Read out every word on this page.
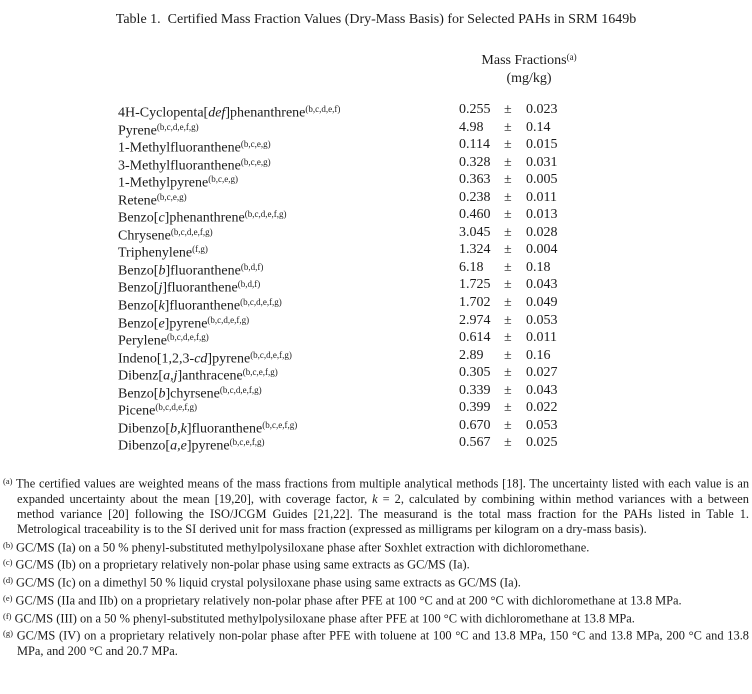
Table 1.  Certified Mass Fraction Values (Dry-Mass Basis) for Selected PAHs in SRM 1649b
Mass Fractions$^{(a)}$
(mg/kg)
4H-Cyclopenta[def]phenanthrene$^{(b,c,d,e,f)}$	0.255 ±	0.023
Pyrene$^{(b,c,d,e,f,g)}$	4.98	±	0.14
1-Methylfluoranthene$^{(b,c,e,g)}$	0.114	±	0.015
3-Methylfluoranthene$^{(b,c,e,g)}$	0.328 ±	0.031
1-Methylpyrene$^{(b,c,e,g)}$	0.363 ±	0.005
Retene$^{(b,c,e,g)}$	0.238 ±	0.011
Benzo[c]phenanthrene$^{(b,c,d,e,f,g)}$	0.460 ±	0.013
Chrysene$^{(b,c,d,e,f,g)}$	3.045 ±	0.028
Triphenylene$^{(f,g)}$	1.324 ±	0.004
Benzo[b]fluoranthene$^{(b,d,f)}$	6.18	±	0.18
Benzo[j]fluoranthene$^{(b,d,f)}$	1.725 ±	0.043
Benzo[k]fluoranthene$^{(b,c,d,e,f,g)}$	1.702 ±	0.049
Benzo[e]pyrene$^{(b,c,d,e,f,g)}$	2.974 ±	0.053
Perylene$^{(b,c,d,e,f,g)}$	0.614 ±	0.011
Indeno[1,2,3-cd]pyrene$^{(b,c,d,e,f,g)}$	2.89	±	0.16
Dibenz[a,j]anthracene$^{(b,c,e,f,g)}$	0.305 ±	0.027
Benzo[b]chyrsene$^{(b,c,d,e,f,g)}$	0.339 ±	0.043
Picene$^{(b,c,d,e,f,g)}$	0.399 ±	0.022
Dibenzo[b,k]fluoranthene$^{(b,c,e,f,g)}$	0.670 ±	0.053
Dibenzo[a,e]pyrene$^{(b,c,e,f,g)}$	0.567 ±	0.025
$^{(a)}$ The certified values are weighted means of the mass fractions from multiple analytical methods [18]. The uncertainty listed with each value is an expanded uncertainty about the mean [19,20], with coverage factor, k = 2, calculated by combining within method variances with a between method variance [20] following the ISO/JCGM Guides [21,22]. The measurand is the total mass fraction for the PAHs listed in Table 1. Metrological traceability is to the SI derived unit for mass fraction (expressed as milligrams per kilogram on a dry-mass basis).
$^{(b)}$ GC/MS (Ia) on a 50 % phenyl-substituted methylpolysiloxane phase after Soxhlet extraction with dichloromethane.
$^{(c)}$ GC/MS (Ib) on a proprietary relatively non-polar phase using same extracts as GC/MS (Ia).
$^{(d)}$ GC/MS (Ic) on a dimethyl 50 % liquid crystal polysiloxane phase using same extracts as GC/MS (Ia).
$^{(e)}$ GC/MS (IIa and IIb) on a proprietary relatively non-polar phase after PFE at 100 °C and at 200 °C with dichloromethane at 13.8 MPa.
$^{(f)}$ GC/MS (III) on a 50 % phenyl-substituted methylpolysiloxane phase after PFE at 100 °C with dichloromethane at 13.8 MPa.
$^{(g)}$ GC/MS (IV) on a proprietary relatively non-polar phase after PFE with toluene at 100 °C and 13.8 MPa, 150 °C and 13.8 MPa, 200 °C and 13.8 MPa, and 200 °C and 20.7 MPa.
